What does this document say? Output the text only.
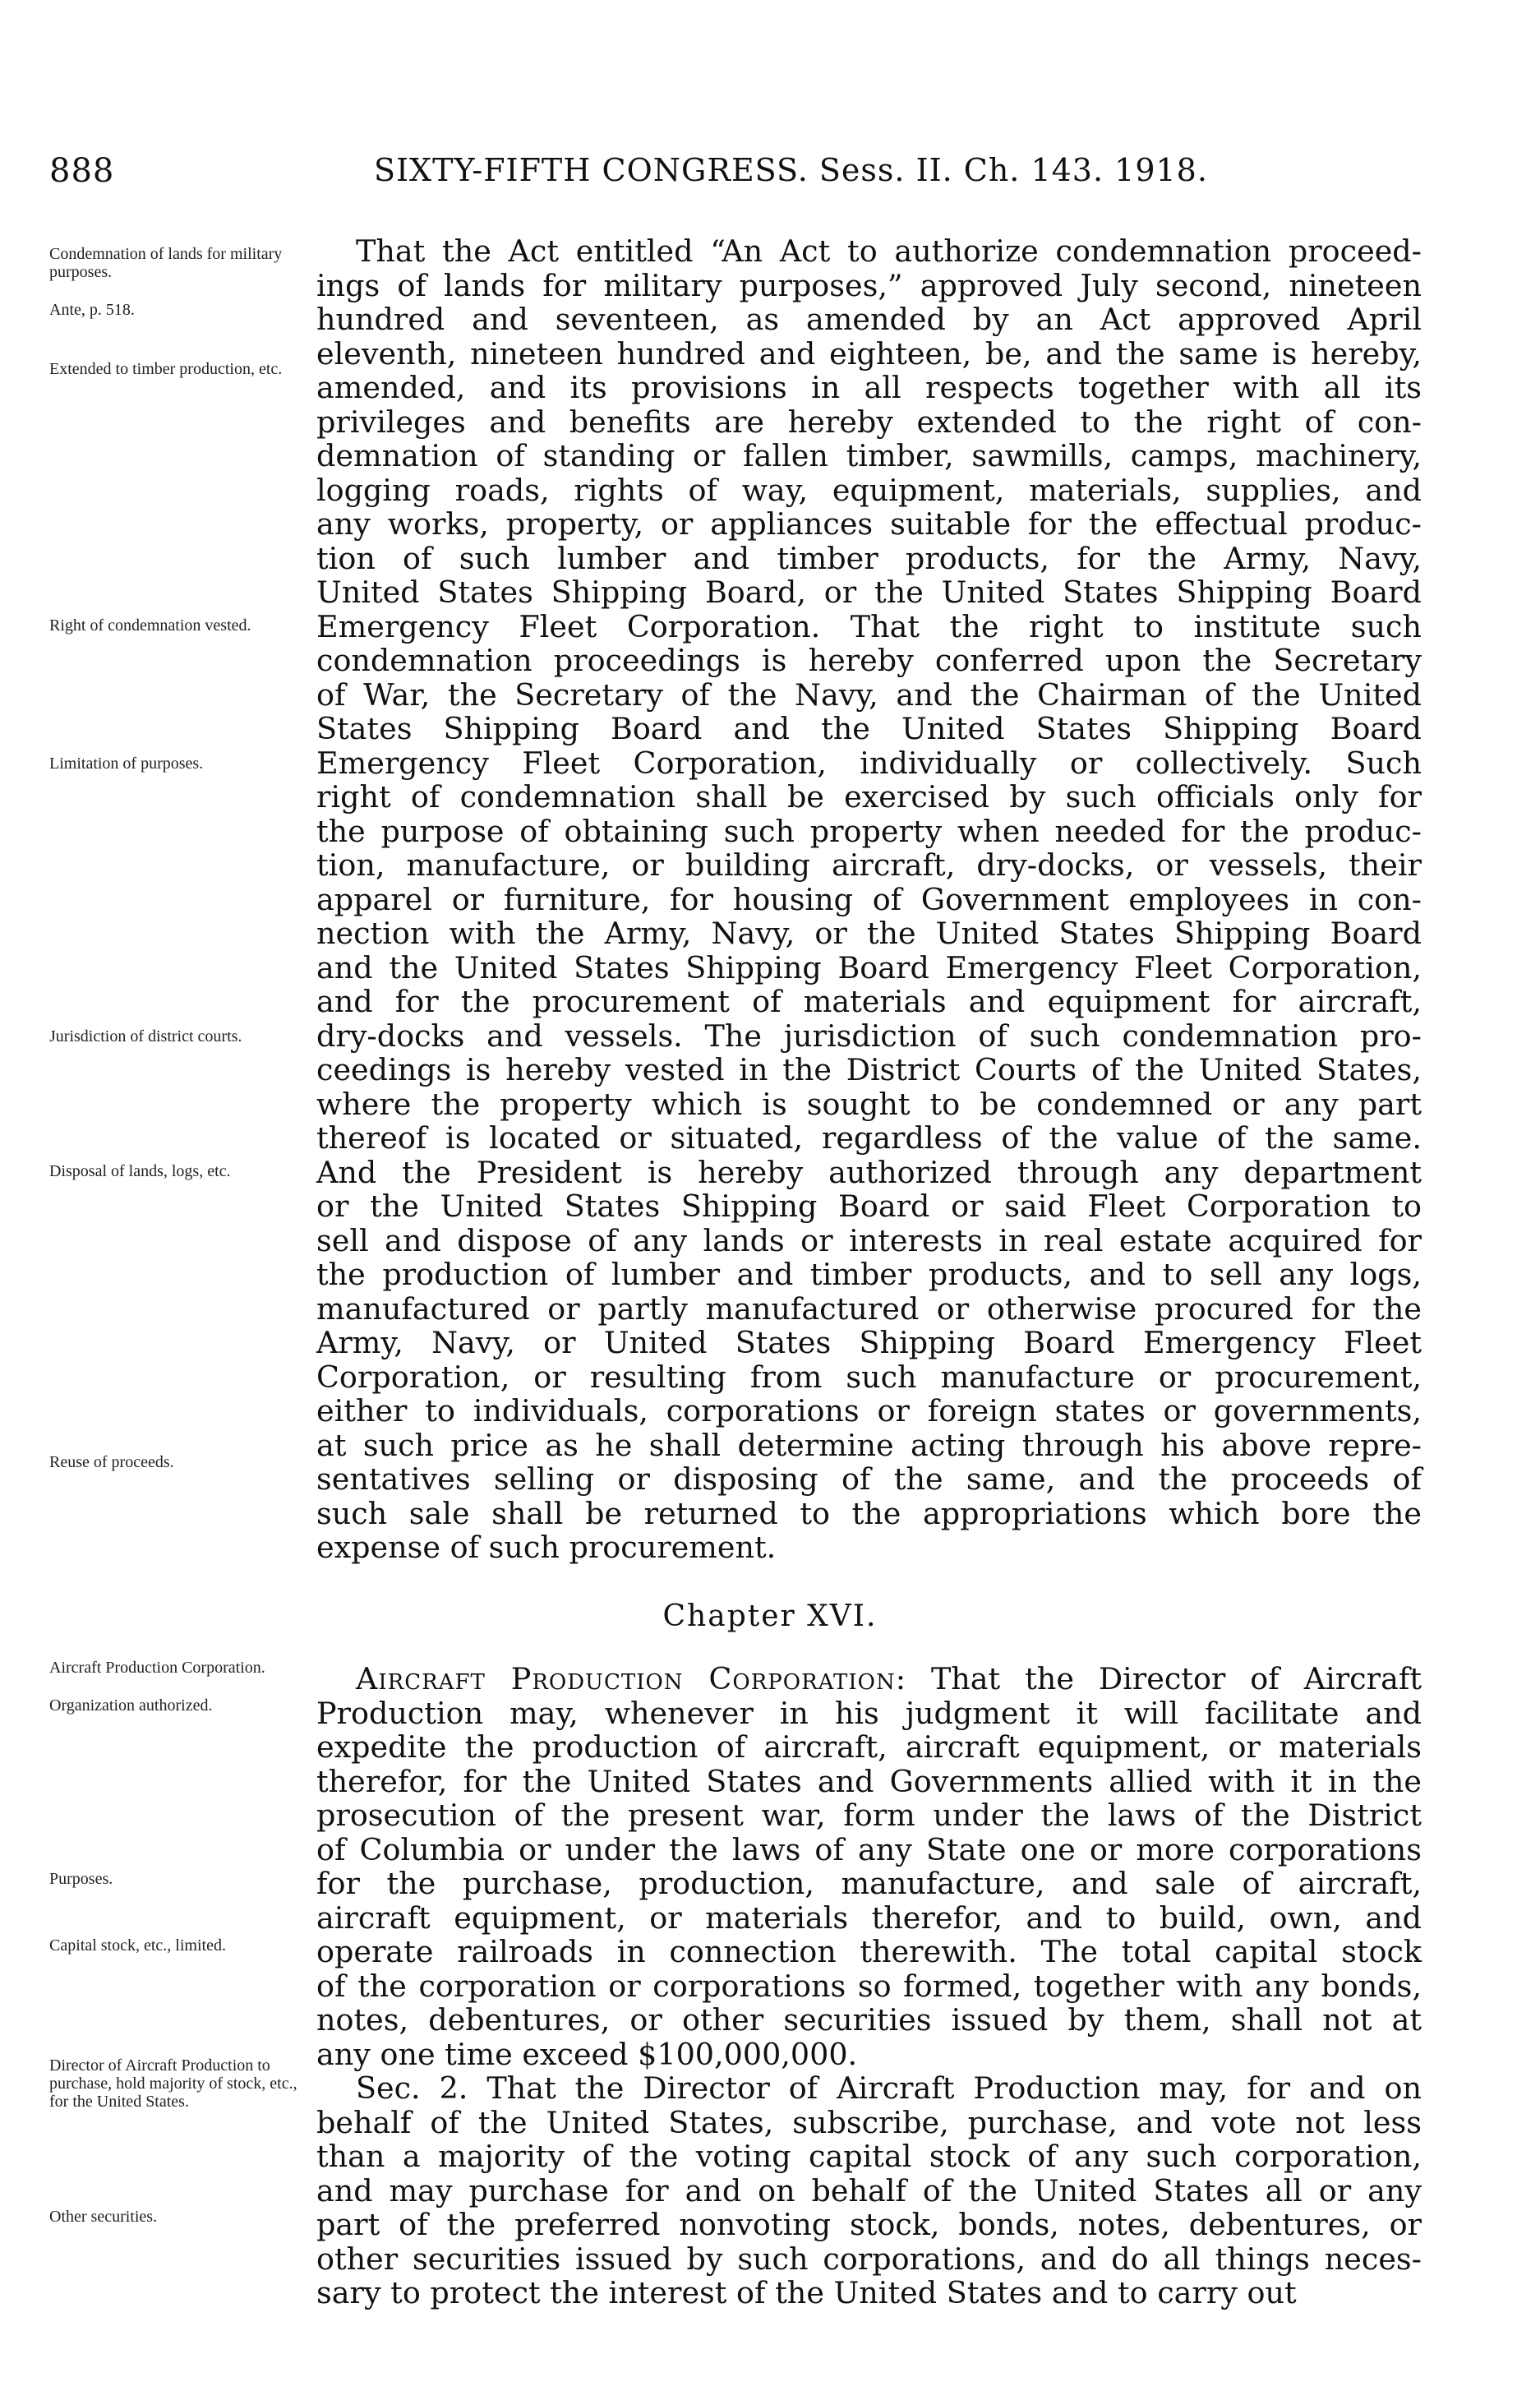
888	SIXTY-FIFTH CONGRESS. Sess. II. Ch. 143. 1918.
Condemnation of lands for military purposes.
Ante, p. 518.
Extended to timber production, etc.
Right of condemnation vested.
Limitation of purposes.
Jurisdiction of district courts.
Disposal of lands, logs, etc.
Reuse of proceeds.
Aircraft Production Corporation.
Organization authorized.
Purposes.
Capital stock, etc., limited.
Director of Aircraft Production to purchase, hold majority of stock, etc., for the United States.
Other securities.
That the Act entitled “An Act to authorize condemnation proceed-
ings of lands for military purposes,” approved July second, nineteen
hundred and seventeen, as amended by an Act approved April
eleventh, nineteen hundred and eighteen, be, and the same is hereby,
amended, and its provisions in all respects together with all its
privileges and benefits are hereby extended to the right of con-
demnation of standing or fallen timber, sawmills, camps, machinery,
logging roads, rights of way, equipment, materials, supplies, and
any works, property, or appliances suitable for the effectual produc-
tion of such lumber and timber products, for the Army, Navy,
United States Shipping Board, or the United States Shipping Board
Emergency Fleet Corporation. That the right to institute such
condemnation proceedings is hereby conferred upon the Secretary
of War, the Secretary of the Navy, and the Chairman of the United
States Shipping Board and the United States Shipping Board
Emergency Fleet Corporation, individually or collectively. Such
right of condemnation shall be exercised by such officials only for
the purpose of obtaining such property when needed for the produc-
tion, manufacture, or building aircraft, dry-docks, or vessels, their
apparel or furniture, for housing of Government employees in con-
nection with the Army, Navy, or the United States Shipping Board
and the United States Shipping Board Emergency Fleet Corporation,
and for the procurement of materials and equipment for aircraft,
dry-docks and vessels. The jurisdiction of such condemnation pro-
ceedings is hereby vested in the District Courts of the United States,
where the property which is sought to be condemned or any part
thereof is located or situated, regardless of the value of the same.
And the President is hereby authorized through any department
or the United States Shipping Board or said Fleet Corporation to
sell and dispose of any lands or interests in real estate acquired for
the production of lumber and timber products, and to sell any logs,
manufactured or partly manufactured or otherwise procured for the
Army, Navy, or United States Shipping Board Emergency Fleet
Corporation, or resulting from such manufacture or procurement,
either to individuals, corporations or foreign states or governments,
at such price as he shall determine acting through his above repre-
sentatives selling or disposing of the same, and the proceeds of
such sale shall be returned to the appropriations which bore the
expense of such procurement.
Chapter XVI.
Aircraft Production Corporation: That the Director of Aircraft
Production may, whenever in his judgment it will facilitate and
expedite the production of aircraft, aircraft equipment, or materials
therefor, for the United States and Governments allied with it in the
prosecution of the present war, form under the laws of the District
of Columbia or under the laws of any State one or more corporations
for the purchase, production, manufacture, and sale of aircraft,
aircraft equipment, or materials therefor, and to build, own, and
operate railroads in connection therewith. The total capital stock
of the corporation or corporations so formed, together with any bonds,
notes, debentures, or other securities issued by them, shall not at
any one time exceed $100,000,000.
Sec. 2. That the Director of Aircraft Production may, for and on
behalf of the United States, subscribe, purchase, and vote not less
than a majority of the voting capital stock of any such corporation,
and may purchase for and on behalf of the United States all or any
part of the preferred nonvoting stock, bonds, notes, debentures, or
other securities issued by such corporations, and do all things neces-
sary to protect the interest of the United States and to carry out
